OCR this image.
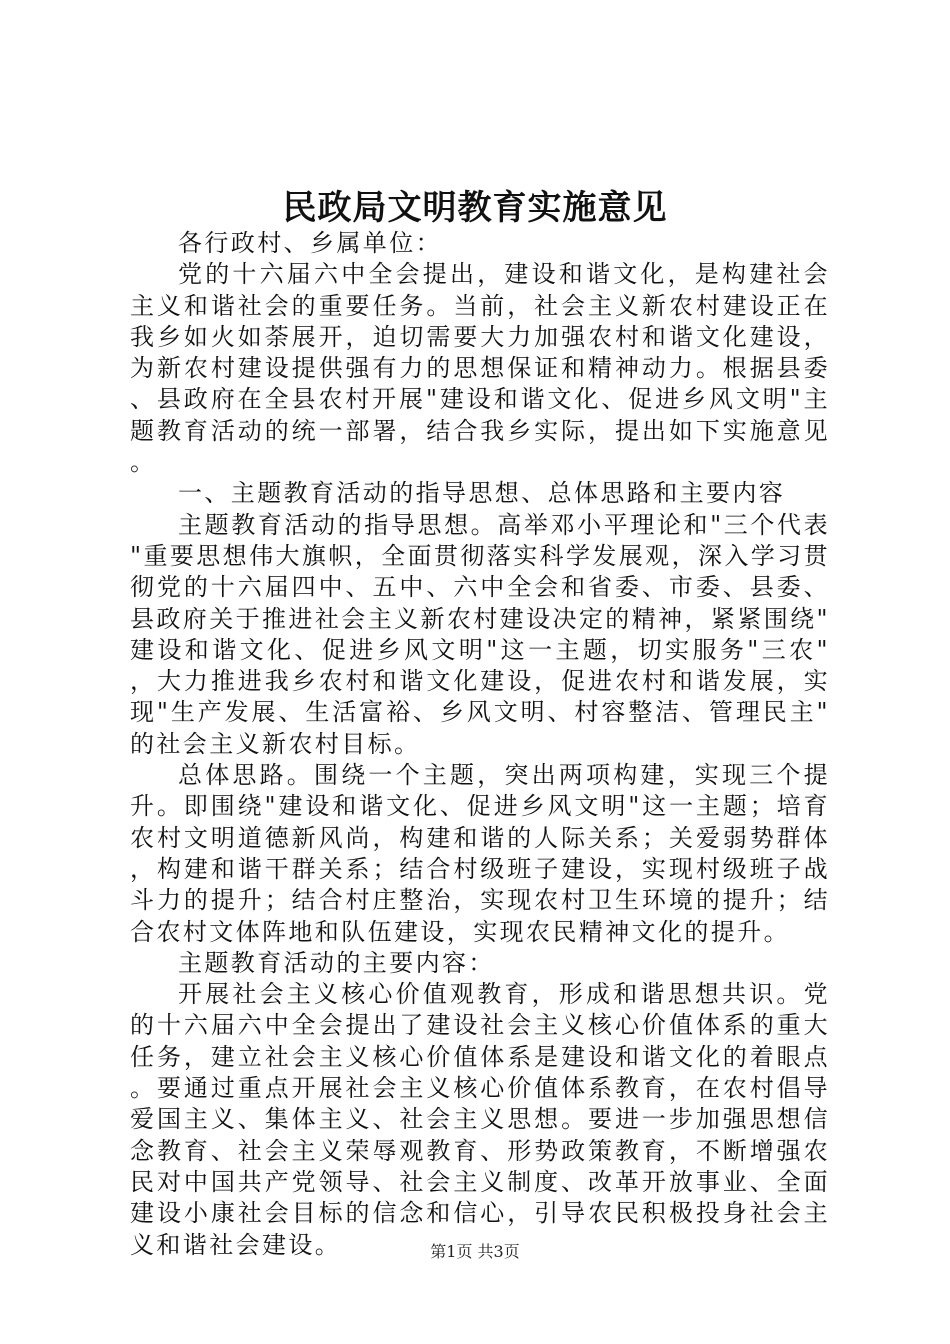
民政局文明教育实施意见

各行政村、乡属单位：

党的十六届六中全会提出，建设和谐文化，是构建社会主义和谐社会的重要任务。当前，社会主义新农村建设正在我乡如火如荼展开，迫切需要大力加强农村和谐文化建设，为新农村建设提供强有力的思想保证和精神动力。根据县委、县政府在全县农村开展"建设和谐文化、促进乡风文明"主题教育活动的统一部署，结合我乡实际，提出如下实施意见。

一、主题教育活动的指导思想、总体思路和主要内容

主题教育活动的指导思想。高举邓小平理论和"三个代表"重要思想伟大旗帜，全面贯彻落实科学发展观，深入学习贯彻党的十六届四中、五中、六中全会和省委、市委、县委、县政府关于推进社会主义新农村建设决定的精神，紧紧围绕"建设和谐文化、促进乡风文明"这一主题，切实服务"三农"，大力推进我乡农村和谐文化建设，促进农村和谐发展，实现"生产发展、生活富裕、乡风文明、村容整洁、管理民主"的社会主义新农村目标。

总体思路。围绕一个主题，突出两项构建，实现三个提升。即围绕"建设和谐文化、促进乡风文明"这一主题；培育农村文明道德新风尚，构建和谐的人际关系；关爱弱势群体，构建和谐干群关系；结合村级班子建设，实现村级班子战斗力的提升；结合村庄整治，实现农村卫生环境的提升；结合农村文体阵地和队伍建设，实现农民精神文化的提升。

主题教育活动的主要内容：

开展社会主义核心价值观教育，形成和谐思想共识。党的十六届六中全会提出了建设社会主义核心价值体系的重大任务，建立社会主义核心价值体系是建设和谐文化的着眼点。要通过重点开展社会主义核心价值体系教育，在农村倡导爱国主义、集体主义、社会主义思想。要进一步加强思想信念教育、社会主义荣辱观教育、形势政策教育，不断增强农民对中国共产党领导、社会主义制度、改革开放事业、全面建设小康社会目标的信念和信心，引导农民积极投身社会主义和谐社会建设。	第1页 共3页
